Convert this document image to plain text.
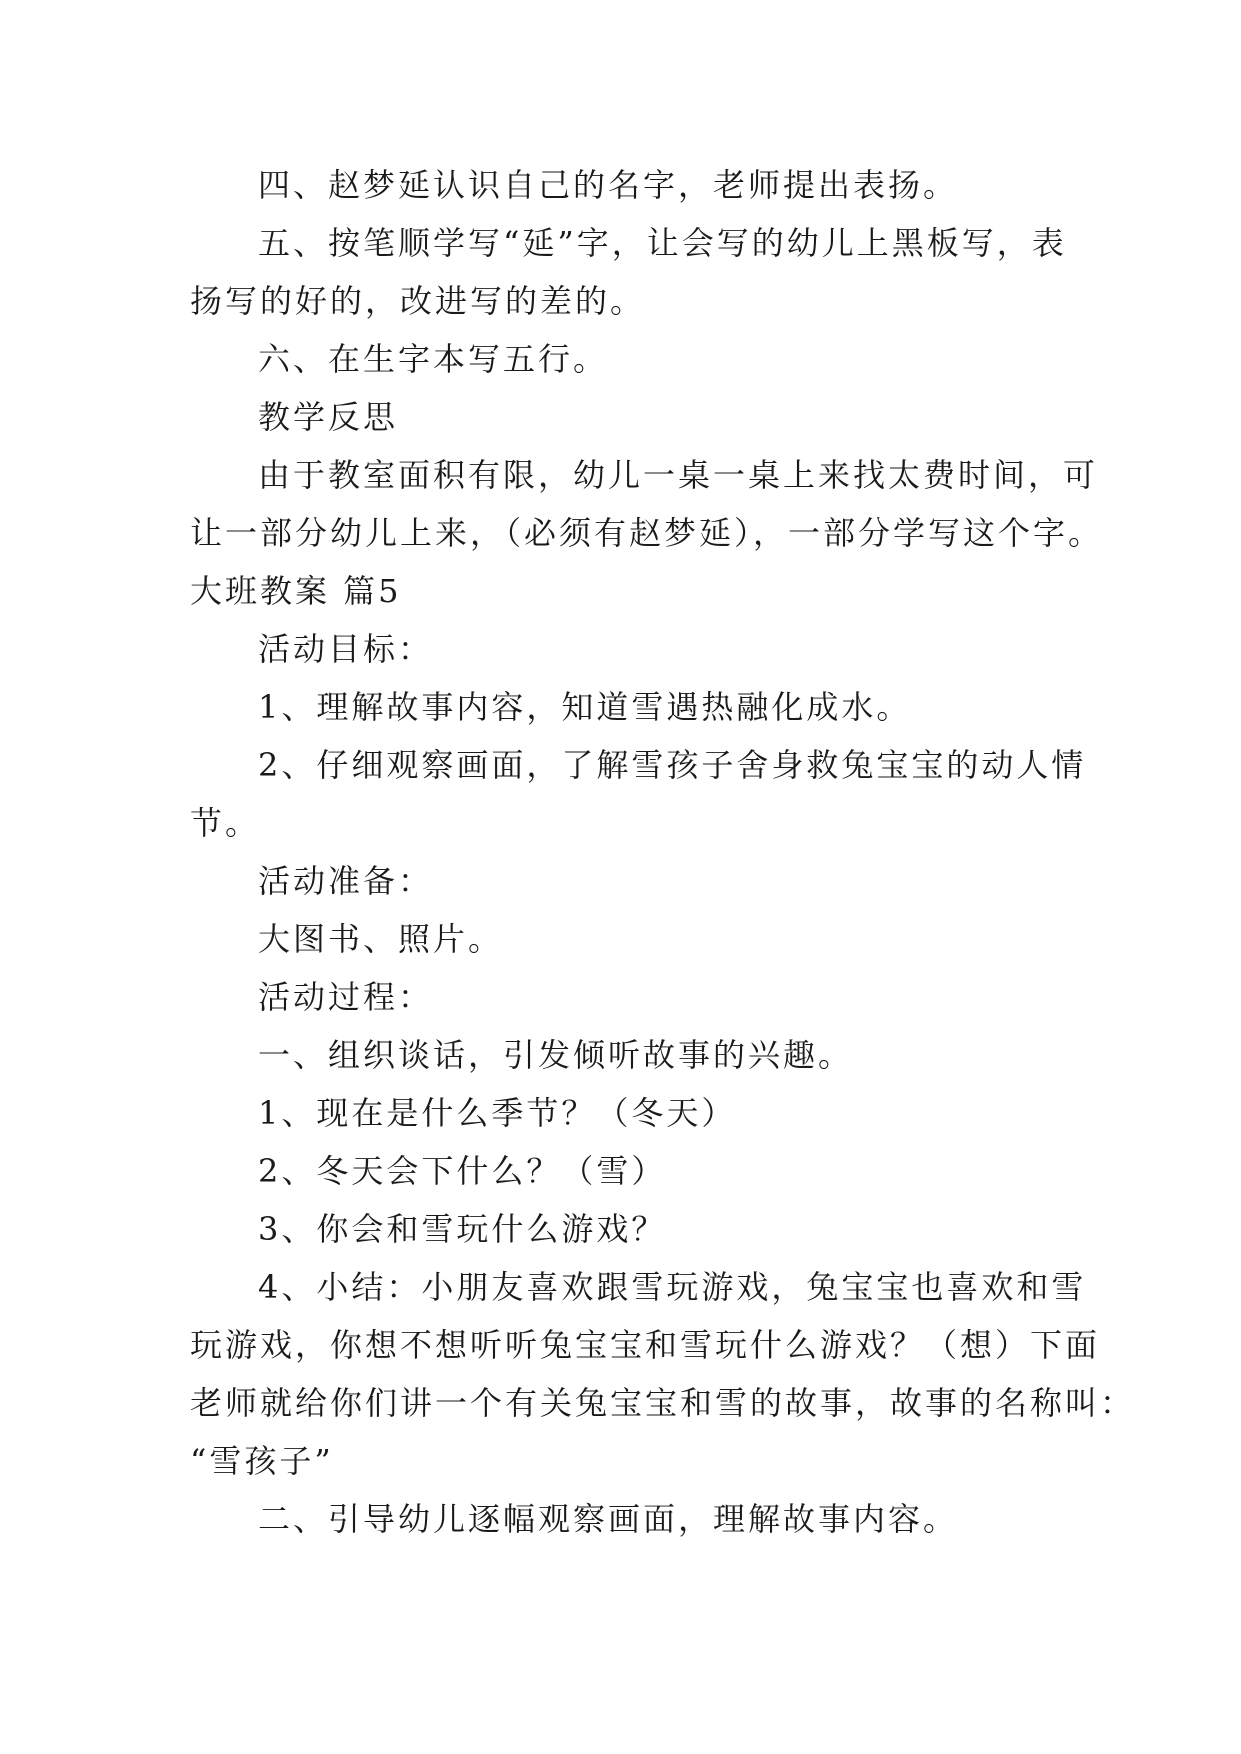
四、赵梦延认识自己的名字，老师提出表扬。
五、按笔顺学写“延”字，让会写的幼儿上黑板写，表
扬写的好的，改进写的差的。
六、在生字本写五行。
教学反思
由于教室面积有限，幼儿一桌一桌上来找太费时间，可
让一部分幼儿上来，（必须有赵梦延），一部分学写这个字。
大班教案 篇5
活动目标：
1、理解故事内容，知道雪遇热融化成水。
2、仔细观察画面，了解雪孩子舍身救兔宝宝的动人情
节。
活动准备：
大图书、照片。
活动过程：
一、组织谈话，引发倾听故事的兴趣。
1、现在是什么季节？（冬天）
2、冬天会下什么？（雪）
3、你会和雪玩什么游戏？
4、小结：小朋友喜欢跟雪玩游戏，兔宝宝也喜欢和雪
玩游戏，你想不想听听兔宝宝和雪玩什么游戏？（想）下面
老师就给你们讲一个有关兔宝宝和雪的故事，故事的名称叫：
“雪孩子”
二、引导幼儿逐幅观察画面，理解故事内容。
